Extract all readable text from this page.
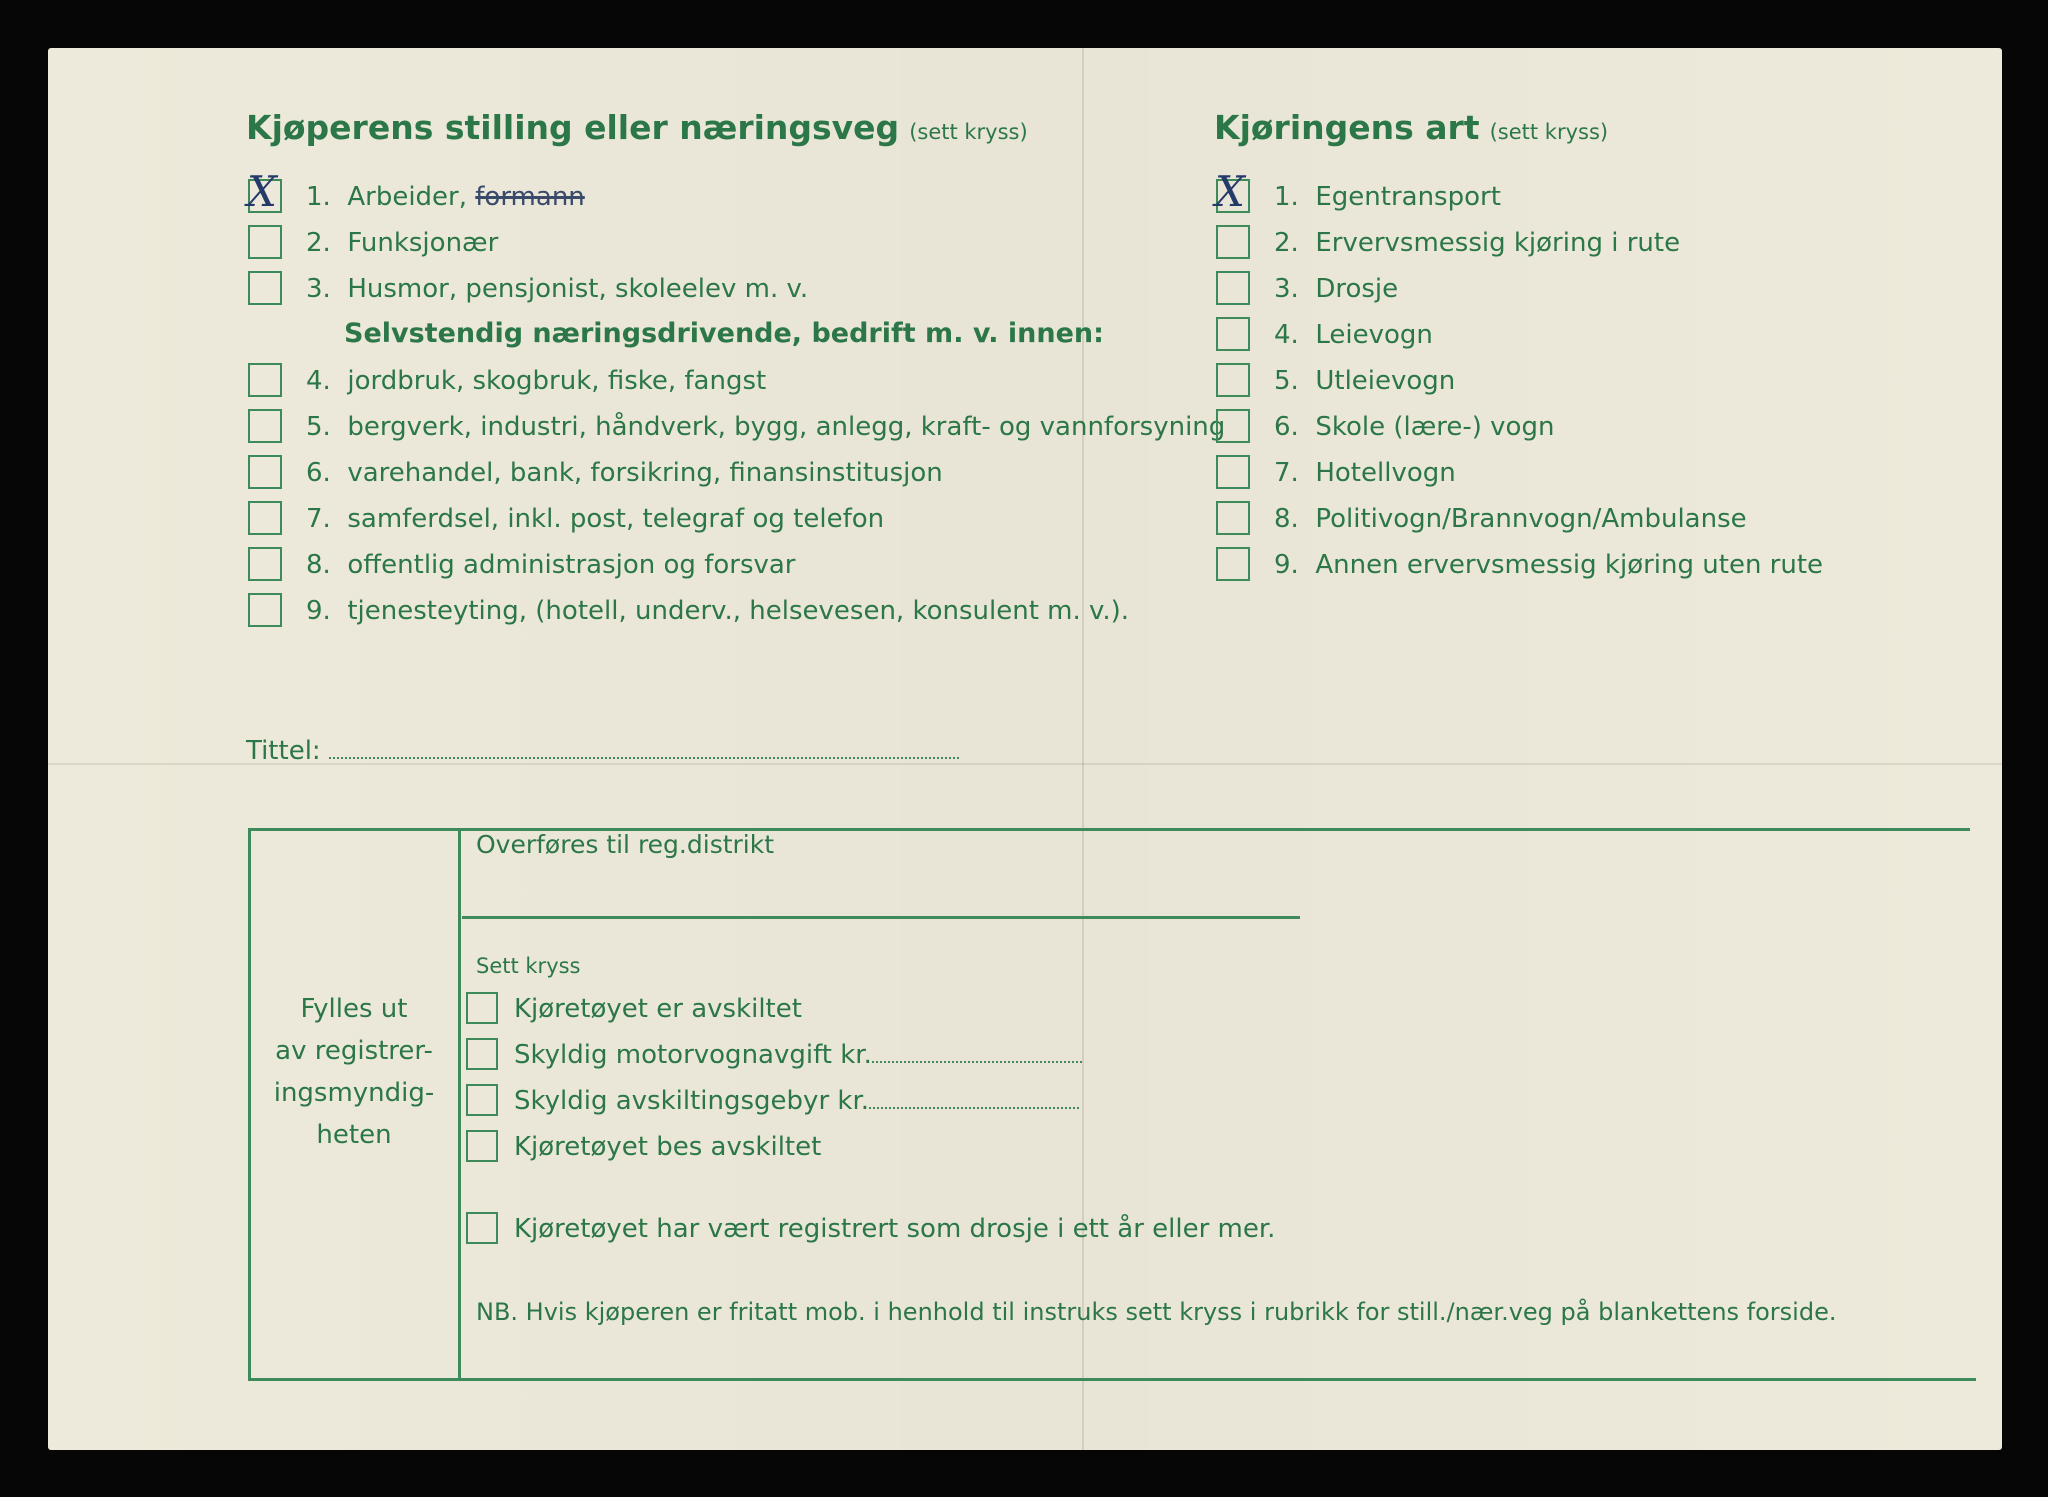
Kjøperens stilling eller næringsveg (sett kryss)
X 1. Arbeider, formann
2. Funksjonær
3. Husmor, pensjonist, skoleelev m. v.
Selvstendig næringsdrivende, bedrift m. v. innen:
4. jordbruk, skogbruk, fiske, fangst
5. bergverk, industri, håndverk, bygg, anlegg, kraft- og vannforsyning
6. varehandel, bank, forsikring, finansinstitusjon
7. samferdsel, inkl. post, telegraf og telefon
8. offentlig administrasjon og forsvar
9. tjenesteyting, (hotell, underv., helsevesen, konsulent m. v.).
Tittel:
Kjøringens art (sett kryss)
X 1. Egentransport
2. Ervervsmessig kjøring i rute
3. Drosje
4. Leievogn
5. Utleievogn
6. Skole (lære-) vogn
7. Hotellvogn
8. Politivogn/Brannvogn/Ambulanse
9. Annen ervervsmessig kjøring uten rute
Fylles ut
av registrer-
ingsmyndig-
heten
Overføres til reg.distrikt
Sett kryss
Kjøretøyet er avskiltet
Skyldig motorvognavgift kr.
Skyldig avskiltingsgebyr kr.
Kjøretøyet bes avskiltet
Kjøretøyet har vært registrert som drosje i ett år eller mer.
NB. Hvis kjøperen er fritatt mob. i henhold til instruks sett kryss i rubrikk for still./nær.veg på blankettens forside.
